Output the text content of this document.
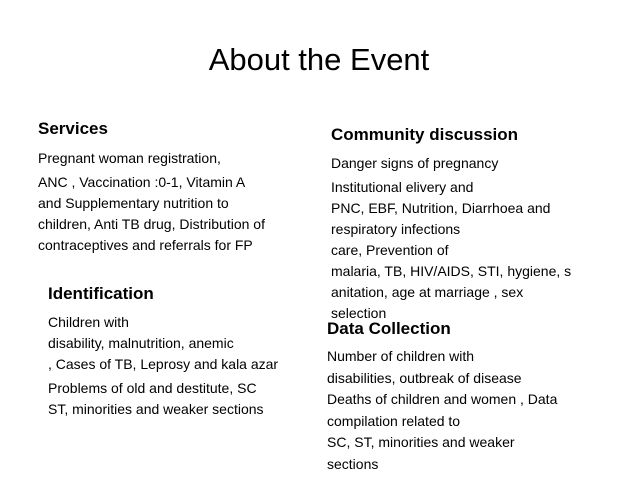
About the Event
Services
Pregnant woman registration,
ANC , Vaccination :0-1, Vitamin A
and Supplementary nutrition to
children, Anti TB drug, Distribution of
contraceptives and referrals for FP
Community discussion
Danger signs of pregnancy
Institutional elivery and
PNC, EBF, Nutrition, Diarrhoea and
respiratory infections
care, Prevention of
malaria, TB, HIV/AIDS, STI, hygiene, s
anitation, age at marriage , sex
selection
Identification
Children with
disability, malnutrition, anemic
, Cases of TB, Leprosy and kala azar
Problems of old and destitute, SC
ST, minorities and weaker sections
Data Collection
Number of children with
disabilities, outbreak of disease
Deaths of children and women , Data
compilation related to
SC, ST, minorities and weaker
sections
